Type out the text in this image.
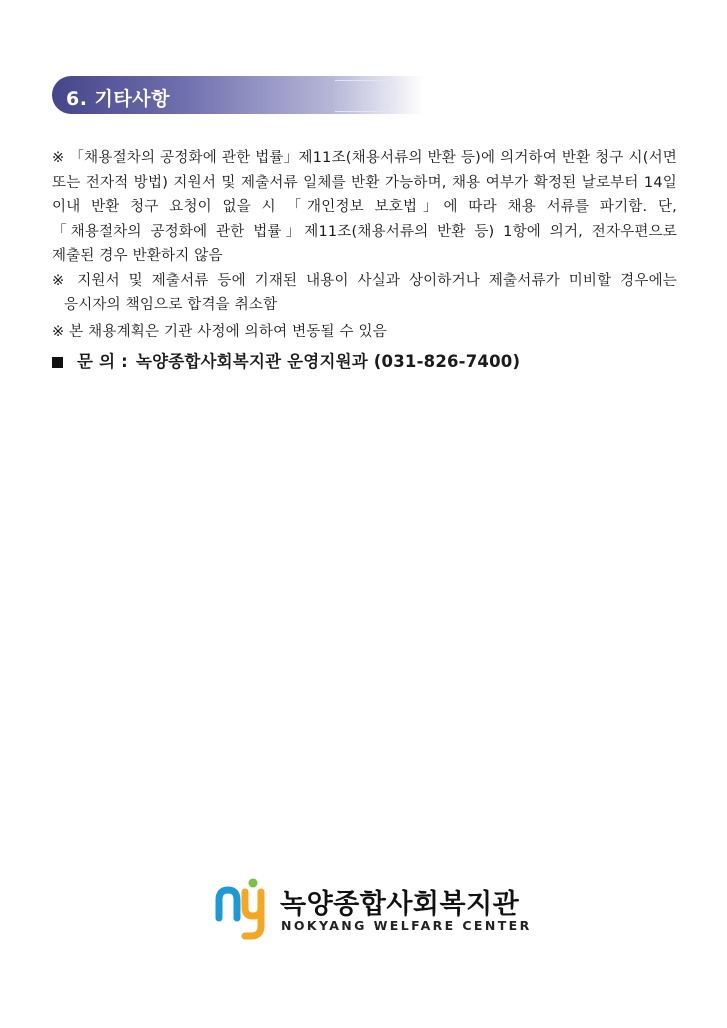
6. 기타사항

※ 「채용절차의 공정화에 관한 법률」제11조(채용서류의 반환 등)에 의거하여 반환 청구 시(서면 또는 전자적 방법) 지원서 및 제출서류 일체를 반환 가능하며, 채용 여부가 확정된 날로부터 14일 이내 반환 청구 요청이 없을 시 「개인정보 보호법」에 따라 채용 서류를 파기함. 단, 「채용절차의 공정화에 관한 법률」제11조(채용서류의 반환 등) 1항에 의거, 전자우편으로 제출된 경우 반환하지 않음

※ 지원서 및 제출서류 등에 기재된 내용이 사실과 상이하거나 제출서류가 미비할 경우에는 응시자의 책임으로 합격을 취소함

※ 본 채용계획은 기관 사정에 의하여 변동될 수 있음

문 의 : 녹양종합사회복지관 운영지원과 (031-826-7400)
녹양종합사회복지관
NOKYANG WELFARE CENTER
